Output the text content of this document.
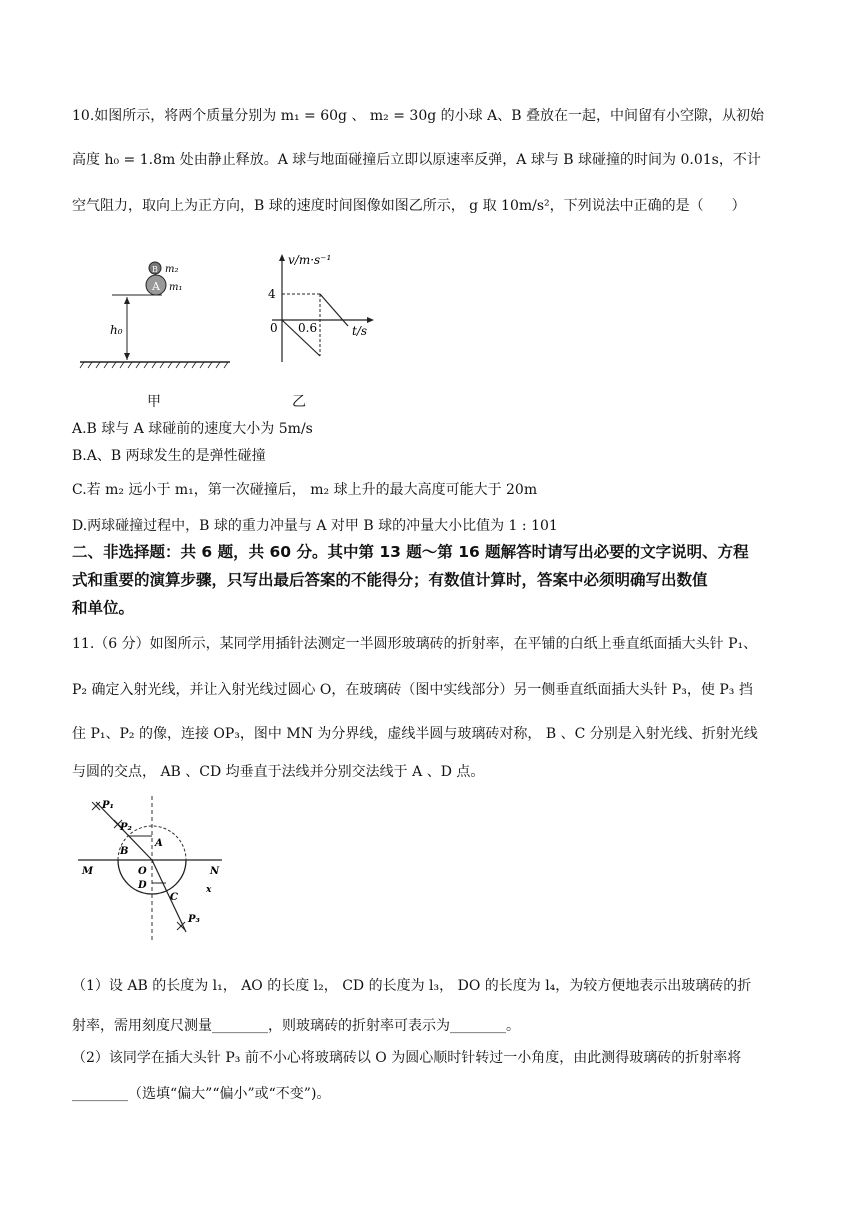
10.如图所示，将两个质量分别为 m₁ = 60g 、 m₂ = 30g 的小球 A、B 叠放在一起，中间留有小空隙，从初始
高度 h₀ = 1.8m 处由静止释放。A 球与地面碰撞后立即以原速率反弹，A 球与 B 球碰撞的时间为 0.01s，不计
空气阻力，取向上为正方向，B 球的速度时间图像如图乙所示， g 取 10m/s²，下列说法中正确的是（　　）
B
A
m₂
m₁
h₀
v/m·s⁻¹
t/s
4
0 0.6
甲	乙
A.B 球与 A 球碰前的速度大小为 5m/s
B.A、B 两球发生的是弹性碰撞
C.若 m₂ 远小于 m₁，第一次碰撞后， m₂ 球上升的最大高度可能大于 20m
D.两球碰撞过程中，B 球的重力冲量与 A 对甲 B 球的冲量大小比值为 1 : 101
二、非选择题：共 6 题，共 60 分。其中第 13 题～第 16 题解答时请写出必要的文字说明、方程
式和重要的演算步骤，只写出最后答案的不能得分；有数值计算时，答案中必须明确写出数值
和单位。
11.（6 分）如图所示，某同学用插针法测定一半圆形玻璃砖的折射率，在平铺的白纸上垂直纸面插大头针 P₁、
P₂ 确定入射光线，并让入射光线过圆心 O，在玻璃砖（图中实线部分）另一侧垂直纸面插大头针 P₃，使 P₃ 挡
住 P₁、P₂ 的像，连接 OP₃，图中 MN 为分界线，虚线半圆与玻璃砖对称， B 、C 分别是入射光线、折射光线
与圆的交点， AB 、CD 均垂直于法线并分别交法线于 A 、D 点。
P₁
P₂
P₃
A
B
C
D
O
M	N
x
（1）设 AB 的长度为 l₁， AO 的长度 l₂， CD 的长度为 l₃， DO 的长度为 l₄，为较方便地表示出玻璃砖的折
射率，需用刻度尺测量________，则玻璃砖的折射率可表示为________。
（2）该同学在插大头针 P₃ 前不小心将玻璃砖以 O 为圆心顺时针转过一小角度，由此测得玻璃砖的折射率将
________（选填“偏大”“偏小”或“不变”)。
